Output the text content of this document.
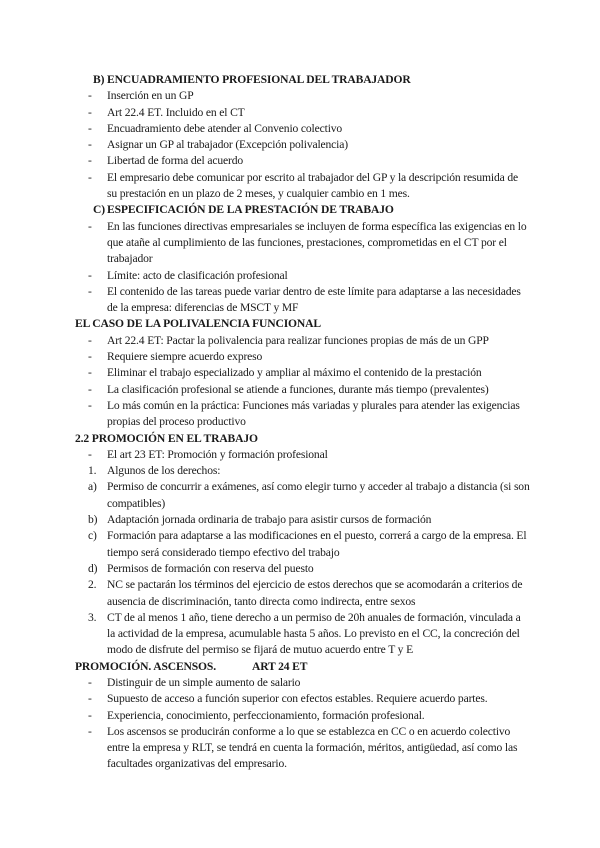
B) ENCUADRAMIENTO PROFESIONAL DEL TRABAJADOR
- Inserción en un GP
- Art 22.4 ET. Incluido en el CT
- Encuadramiento debe atender al Convenio colectivo
- Asignar un GP al trabajador (Excepción polivalencia)
- Libertad de forma del acuerdo
- El empresario debe comunicar por escrito al trabajador del GP y la descripción resumida de su prestación en un plazo de 2 meses, y cualquier cambio en 1 mes.
C) ESPECIFICACIÓN DE LA PRESTACIÓN DE TRABAJO
- En las funciones directivas empresariales se incluyen de forma específica las exigencias en lo que atañe al cumplimiento de las funciones, prestaciones, comprometidas en el CT por el trabajador
- Límite: acto de clasificación profesional
- El contenido de las tareas puede variar dentro de este límite para adaptarse a las necesidades de la empresa: diferencias de MSCT y MF
EL CASO DE LA POLIVALENCIA FUNCIONAL
- Art 22.4 ET: Pactar la polivalencia para realizar funciones propias de más de un GPP
- Requiere siempre acuerdo expreso
- Eliminar el trabajo especializado y ampliar al máximo el contenido de la prestación
- La clasificación profesional se atiende a funciones, durante más tiempo (prevalentes)
- Lo más común en la práctica: Funciones más variadas y plurales para atender las exigencias propias del proceso productivo
2.2 PROMOCIÓN EN EL TRABAJO
- El art 23 ET: Promoción y formación profesional
1. Algunos de los derechos:
a) Permiso de concurrir a exámenes, así como elegir turno y acceder al trabajo a distancia (si son compatibles)
b) Adaptación jornada ordinaria de trabajo para asistir cursos de formación
c) Formación para adaptarse a las modificaciones en el puesto, correrá a cargo de la empresa. El tiempo será considerado tiempo efectivo del trabajo
d) Permisos de formación con reserva del puesto
2. NC se pactarán los términos del ejercicio de estos derechos que se acomodarán a criterios de ausencia de discriminación, tanto directa como indirecta, entre sexos
3. CT de al menos 1 año, tiene derecho a un permiso de 20h anuales de formación, vinculada a la actividad de la empresa, acumulable hasta 5 años. Lo previsto en el CC, la concreción del modo de disfrute del permiso se fijará de mutuo acuerdo entre T y E
PROMOCIÓN. ASCENSOS.	ART 24 ET
- Distinguir de un simple aumento de salario
- Supuesto de acceso a función superior con efectos estables. Requiere acuerdo partes.
- Experiencia, conocimiento, perfeccionamiento, formación profesional.
- Los ascensos se producirán conforme a lo que se establezca en CC o en acuerdo colectivo entre la empresa y RLT, se tendrá en cuenta la formación, méritos, antigüedad, así como las facultades organizativas del empresario.
